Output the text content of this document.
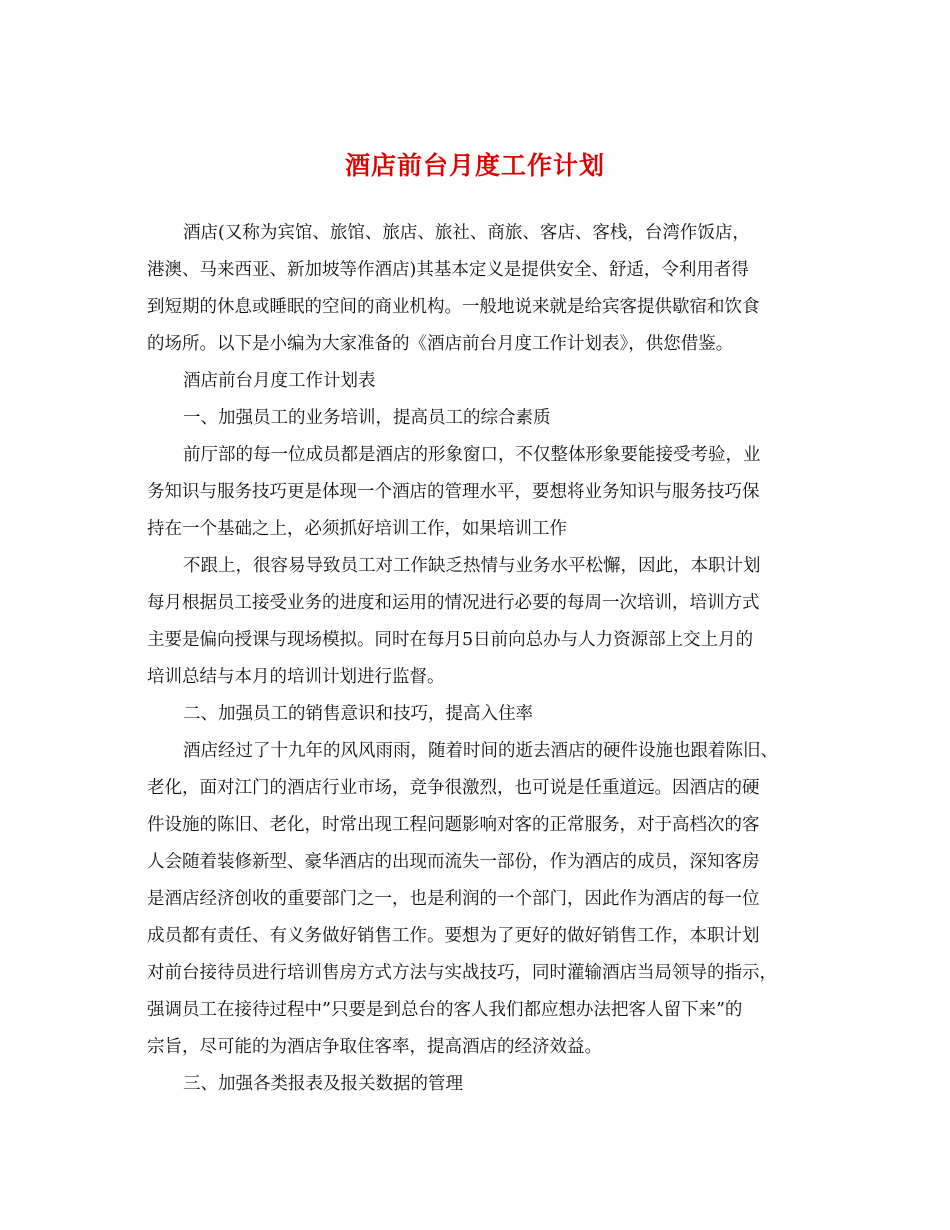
酒店前台月度工作计划

酒店(又称为宾馆、旅馆、旅店、旅社、商旅、客店、客栈，台湾作饭店，

港澳、马来西亚、新加坡等作酒店)其基本定义是提供安全、舒适，令利用者得

到短期的休息或睡眠的空间的商业机构。一般地说来就是给宾客提供歇宿和饮食

的场所。以下是小编为大家准备的《酒店前台月度工作计划表》，供您借鉴。

酒店前台月度工作计划表

一、加强员工的业务培训，提高员工的综合素质

前厅部的每一位成员都是酒店的形象窗口，不仅整体形象要能接受考验，业

务知识与服务技巧更是体现一个酒店的管理水平，要想将业务知识与服务技巧保

持在一个基础之上，必须抓好培训工作，如果培训工作

不跟上，很容易导致员工对工作缺乏热情与业务水平松懈，因此，本职计划

每月根据员工接受业务的进度和运用的情况进行必要的每周一次培训，培训方式

主要是偏向授课与现场模拟。同时在每月5日前向总办与人力资源部上交上月的

培训总结与本月的培训计划进行监督。

二、加强员工的销售意识和技巧，提高入住率

酒店经过了十九年的风风雨雨，随着时间的逝去酒店的硬件设施也跟着陈旧、

老化，面对江门的酒店行业市场，竞争很激烈，也可说是任重道远。因酒店的硬

件设施的陈旧、老化，时常出现工程问题影响对客的正常服务，对于高档次的客

人会随着装修新型、豪华酒店的出现而流失一部份，作为酒店的成员，深知客房

是酒店经济创收的重要部门之一，也是利润的一个部门，因此作为酒店的每一位

成员都有责任、有义务做好销售工作。要想为了更好的做好销售工作，本职计划

对前台接待员进行培训售房方式方法与实战技巧，同时灌输酒店当局领导的指示，

强调员工在接待过程中”只要是到总台的客人我们都应想办法把客人留下来”的

宗旨，尽可能的为酒店争取住客率，提高酒店的经济效益。

三、加强各类报表及报关数据的管理
